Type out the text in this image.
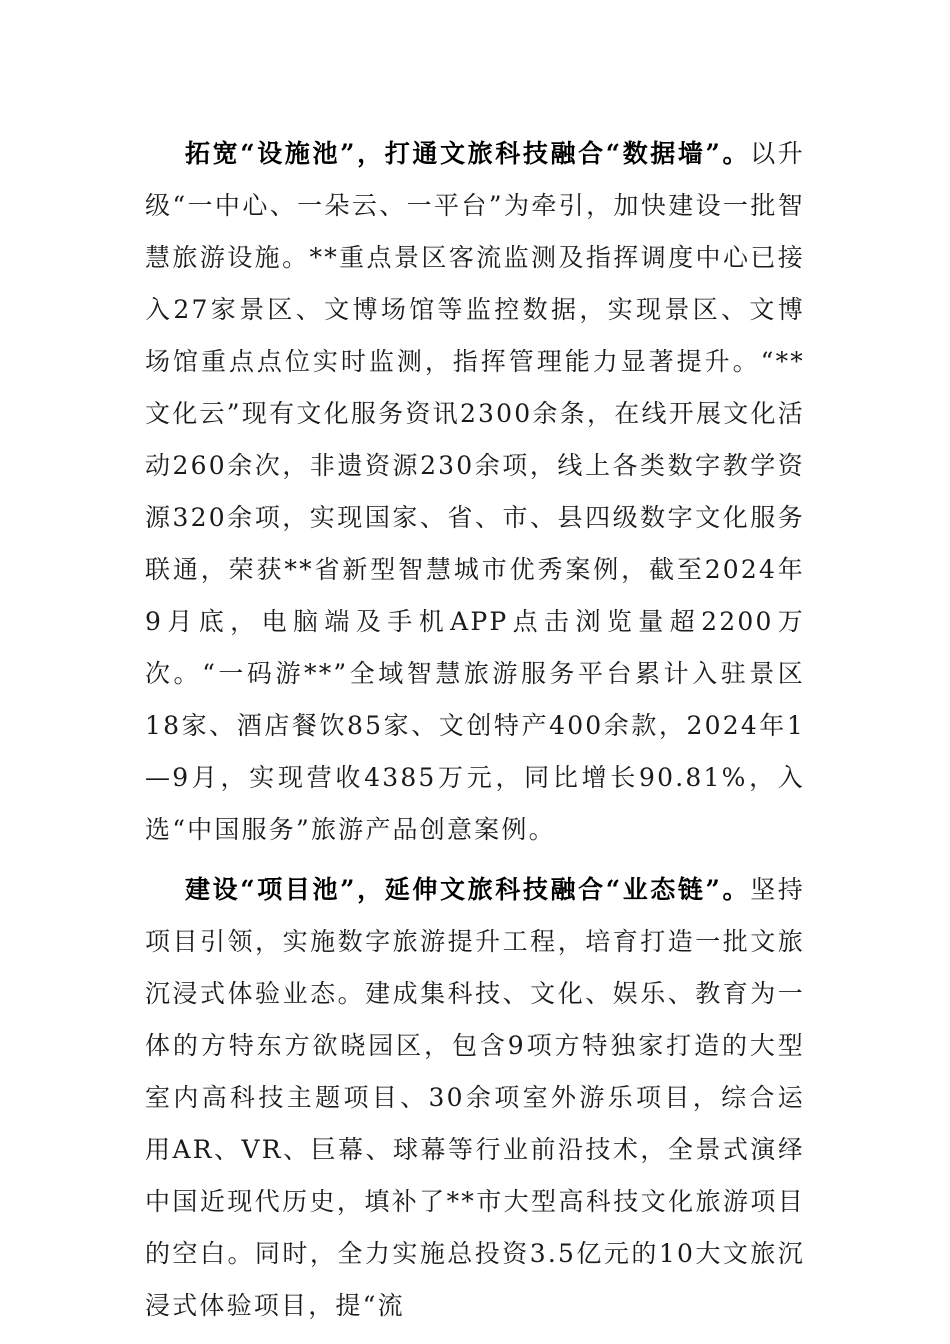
拓宽“设施池”，打通文旅科技融合“数据墙”。以升级“一中心、一朵云、一平台”为牵引，加快建设一批智慧旅游设施。**重点景区客流监测及指挥调度中心已接入27家景区、文博场馆等监控数据，实现景区、文博场馆重点点位实时监测，指挥管理能力显著提升。“**文化云”现有文化服务资讯2300余条，在线开展文化活动260余次，非遗资源230余项，线上各类数字教学资源320余项，实现国家、省、市、县四级数字文化服务联通，荣获**省新型智慧城市优秀案例，截至2024年9月底，电脑端及手机APP点击浏览量超2200万次。“一码游**”全域智慧旅游服务平台累计入驻景区18家、酒店餐饮85家、文创特产400余款，2024年1—9月，实现营收4385万元，同比增长90.81%，入选“中国服务”旅游产品创意案例。

建设“项目池”，延伸文旅科技融合“业态链”。坚持项目引领，实施数字旅游提升工程，培育打造一批文旅沉浸式体验业态。建成集科技、文化、娱乐、教育为一体的方特东方欲晓园区，包含9项方特独家打造的大型室内高科技主题项目、30余项室外游乐项目，综合运用AR、VR、巨幕、球幕等行业前沿技术，全景式演绎中国近现代历史，填补了**市大型高科技文化旅游项目的空白。同时，全力实施总投资3.5亿元的10大文旅沉浸式体验项目，提“流
